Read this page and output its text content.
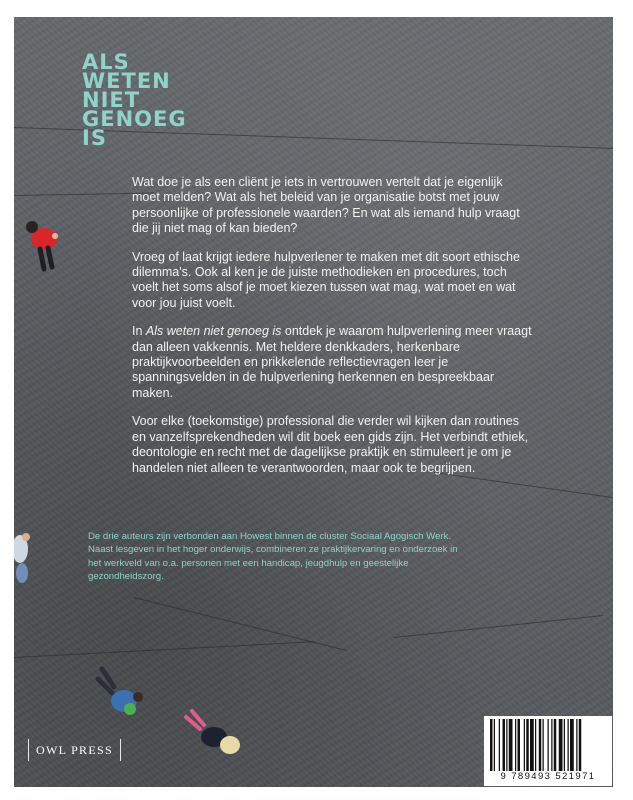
ALS
WETEN
NIET
GENOEG
IS

Wat doe je als een cliënt je iets in vertrouwen vertelt dat je eigenlijk moet melden? Wat als het beleid van je organisatie botst met jouw persoonlijke of professionele waarden? En wat als iemand hulp vraagt die jij niet mag of kan bieden?

Vroeg of laat krijgt iedere hulpverlener te maken met dit soort ethische dilemma's. Ook al ken je de juiste methodieken en procedures, toch voelt het soms alsof je moet kiezen tussen wat mag, wat moet en wat voor jou juist voelt.

In Als weten niet genoeg is ontdek je waarom hulpverlening meer vraagt dan alleen vakkennis. Met heldere denkkaders, herkenbare praktijkvoorbeelden en prikkelende reflectievragen leer je spanningsvelden in de hulpverlening herkennen en bespreekbaar maken.

Voor elke (toekomstige) professional die verder wil kijken dan routines en vanzelfsprekendheden wil dit boek een gids zijn. Het verbindt ethiek, deontologie en recht met de dagelijkse praktijk en stimuleert je om je handelen niet alleen te verantwoorden, maar ook te begrijpen.

De drie auteurs zijn verbonden aan Howest binnen de cluster Sociaal Agogisch Werk. Naast lesgeven in het hoger onderwijs, combineren ze praktijkervaring en onderzoek in het werkveld van o.a. personen met een handicap, jeugdhulp en geestelijke gezondheidszorg.
OWL PRESS
9 789493 521971
